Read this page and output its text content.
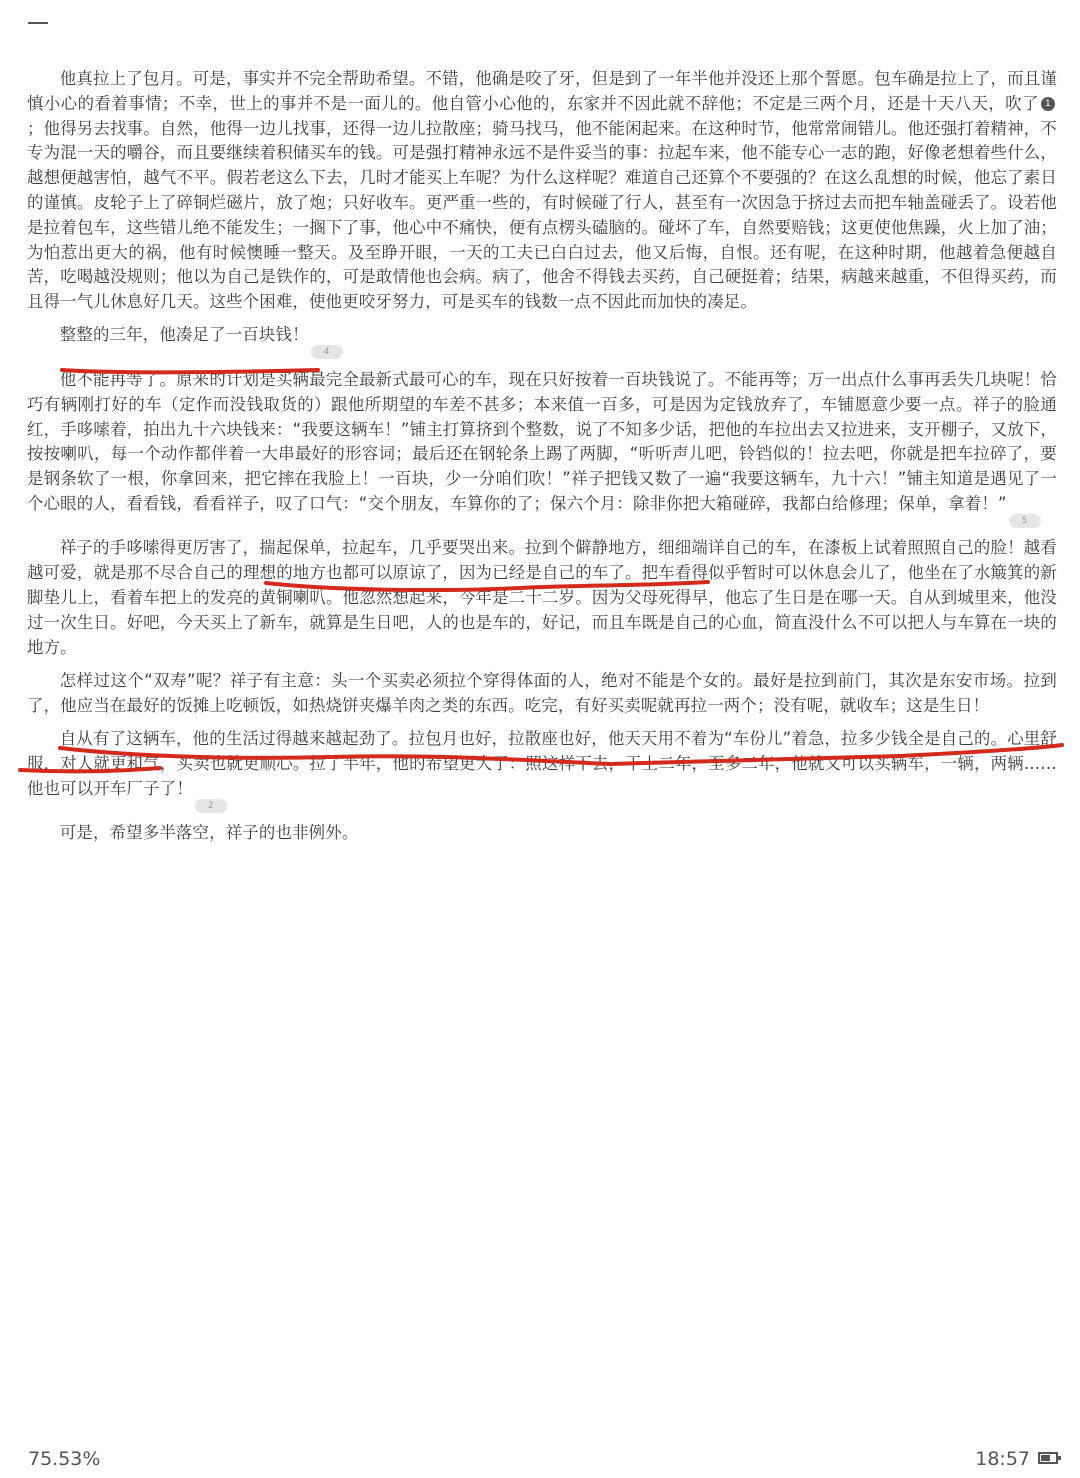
他真拉上了包月。可是，事实并不完全帮助希望。不错，他确是咬了牙，但是到了一年半他并没还上那个誓愿。包车确是拉上了，而且谨慎小心的看着事情；不幸，世上的事并不是一面儿的。他自管小心他的，东家并不因此就不辞他；不定是三两个月，还是十天八天，吹了 1；他得另去找事。自然，他得一边儿找事，还得一边儿拉散座；骑马找马，他不能闲起来。在这种时节，他常常闹错儿。他还强打着精神，不专为混一天的嚼谷，而且要继续着积储买车的钱。可是强打精神永远不是件妥当的事：拉起车来，他不能专心一志的跑，好像老想着些什么，越想便越害怕，越气不平。假若老这么下去，几时才能买上车呢？为什么这样呢？难道自己还算个不要强的？在这么乱想的时候，他忘了素日的谨慎。皮轮子上了碎铜烂磁片，放了炮；只好收车。更严重一些的，有时候碰了行人，甚至有一次因急于挤过去而把车轴盖碰丢了。设若他是拉着包车，这些错儿绝不能发生；一搁下了事，他心中不痛快，便有点楞头磕脑的。碰坏了车，自然要赔钱；这更使他焦躁，火上加了油；为怕惹出更大的祸，他有时候懊睡一整天。及至睁开眼，一天的工夫已白白过去，他又后悔，自恨。还有呢，在这种时期，他越着急便越自苦，吃喝越没规则；他以为自己是铁作的，可是敢情他也会病。病了，他舍不得钱去买药，自己硬挺着；结果，病越来越重，不但得买药，而且得一气儿休息好几天。这些个困难，使他更咬牙努力，可是买车的钱数一点不因此而加快的凑足。

整整的三年，他凑足了一百块钱！4

他不能再等了。原来的计划是买辆最完全最新式最可心的车，现在只好按着一百块钱说了。不能再等；万一出点什么事再丢失几块呢！恰巧有辆刚打好的车（定作而没钱取货的）跟他所期望的车差不甚多；本来值一百多，可是因为定钱放弃了，车铺愿意少要一点。祥子的脸通红，手哆嗦着，拍出九十六块钱来：“我要这辆车！”铺主打算挤到个整数，说了不知多少话，把他的车拉出去又拉进来，支开棚子，又放下，按按喇叭，每一个动作都伴着一大串最好的形容词；最后还在钢轮条上踢了两脚，“听听声儿吧，铃铛似的！拉去吧，你就是把车拉碎了，要是钢条软了一根，你拿回来，把它摔在我脸上！一百块，少一分咱们吹！”祥子把钱又数了一遍“我要这辆车，九十六！”铺主知道是遇见了一个心眼的人，看看钱，看看祥子，叹了口气：“交个朋友，车算你的了；保六个月：除非你把大箱碰碎，我都白给修理；保单，拿着！”5

祥子的手哆嗦得更厉害了，揣起保单，拉起车，几乎要哭出来。拉到个僻静地方，细细端详自己的车，在漆板上试着照照自己的脸！越看越可爱，就是那不尽合自己的理想的地方也都可以原谅了，因为已经是自己的车了。把车看得似乎暂时可以休息会儿了，他坐在了水簸箕的新脚垫儿上，看着车把上的发亮的黄铜喇叭。他忽然想起来，今年是二十二岁。因为父母死得早，他忘了生日是在哪一天。自从到城里来，他没过一次生日。好吧，今天买上了新车，就算是生日吧，人的也是车的，好记，而且车既是自己的心血，简直没什么不可以把人与车算在一块的地方。

怎样过这个“双寿”呢？祥子有主意：头一个买卖必须拉个穿得体面的人，绝对不能是个女的。最好是拉到前门，其次是东安市场。拉到了，他应当在最好的饭摊上吃顿饭，如热烧饼夹爆羊肉之类的东西。吃完，有好买卖呢就再拉一两个；没有呢，就收车；这是生日！

自从有了这辆车，他的生活过得越来越起劲了。拉包月也好，拉散座也好，他天天用不着为“车份儿”着急，拉多少钱全是自己的。心里舒服，对人就更和气，买卖也就更顺心。拉了半年，他的希望更大了：照这样下去，干上二年，至多二年，他就又可以买辆车，一辆，两辆……他也可以开车厂子了！2

可是，希望多半落空，祥子的也非例外。

75.53%	18:57
